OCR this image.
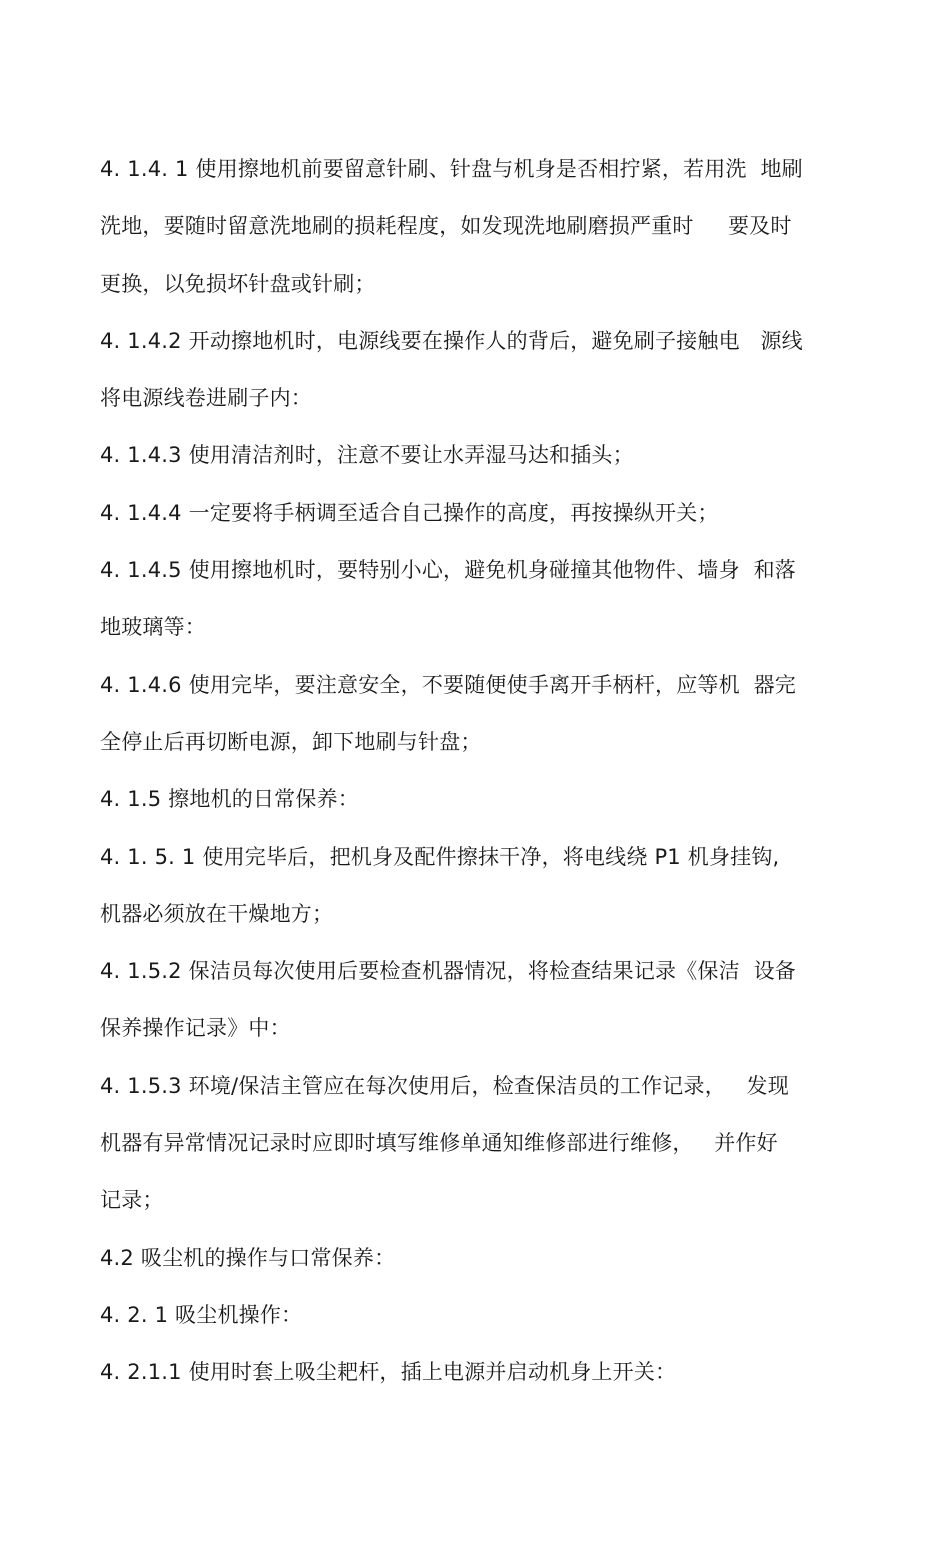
4. 1.4. 1 使用擦地机前要留意针刷、针盘与机身是否相拧紧，若用洗  地刷
洗地，要随时留意洗地刷的损耗程度，如发现洗地刷磨损严重时     要及时
更换，以免损坏针盘或针刷；
4. 1.4.2 开动擦地机时，电源线要在操作人的背后，避免刷子接触电   源线
将电源线卷进刷子内：
4. 1.4.3 使用清洁剂时，注意不要让水弄湿马达和插头；
4. 1.4.4 一定要将手柄调至适合自己操作的高度，再按操纵开关；
4. 1.4.5 使用擦地机时，要特别小心，避免机身碰撞其他物件、墙身  和落
地玻璃等：
4. 1.4.6 使用完毕，要注意安全，不要随便使手离开手柄杆，应等机  器完
全停止后再切断电源，卸下地刷与针盘；
4. 1.5 擦地机的日常保养：
4. 1. 5. 1 使用完毕后，把机身及配件擦抹干净，将电线绕 P1 机身挂钩,
机器必须放在干燥地方；
4. 1.5.2 保洁员每次使用后要检查机器情况，将检查结果记录《保洁  设备
保养操作记录》中：
4. 1.5.3 环境/保洁主管应在每次使用后，检查保洁员的工作记录，   发现
机器有异常情况记录时应即时填写维修单通知维修部进行维修，   并作好
记录；
4.2 吸尘机的操作与口常保养：
4. 2. 1 吸尘机操作：
4. 2.1.1 使用时套上吸尘耙杆，插上电源并启动机身上开关：
